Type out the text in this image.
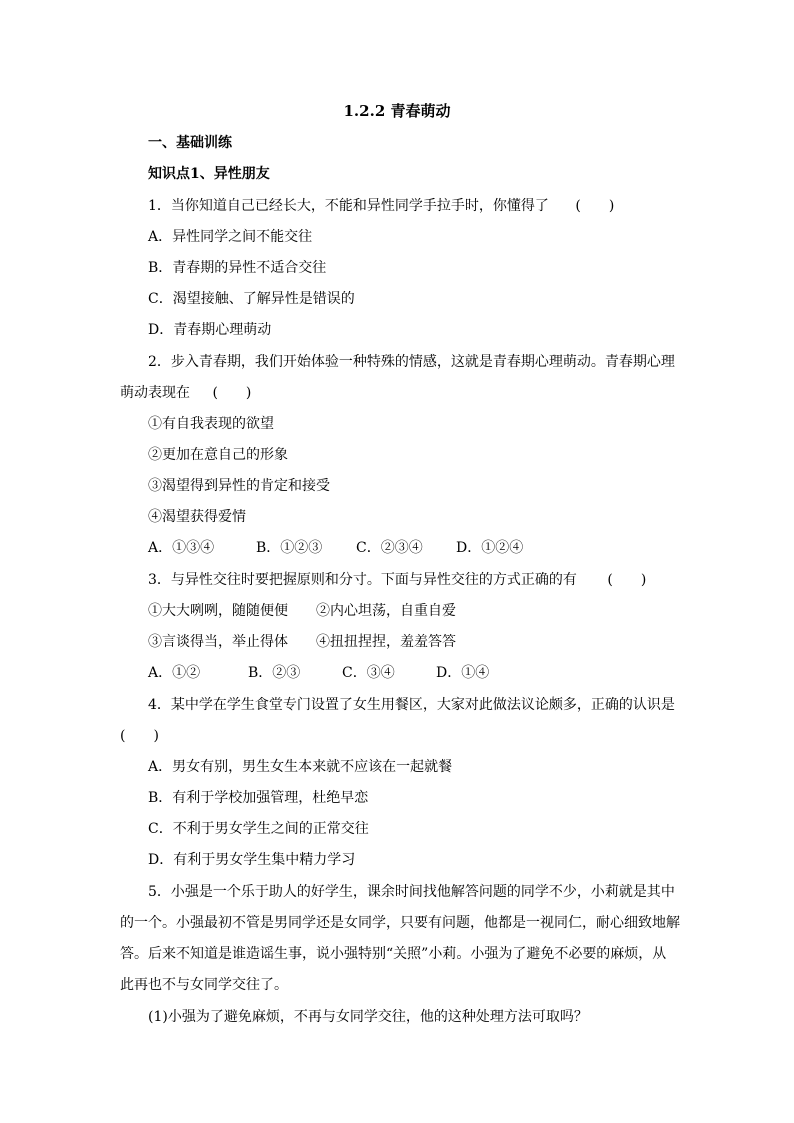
1.2.2 青春萌动
一、基础训练
知识点1、异性朋友
1．当你知道自己已经长大，不能和异性同学手拉手时，你懂得了 (　　)
A．异性同学之间不能交往
B．青春期的异性不适合交往
C．渴望接触、了解异性是错误的
D．青春期心理萌动
2．步入青春期，我们开始体验一种特殊的情感，这就是青春期心理萌动。青春期心理
萌动表现在 (　　)
①有自我表现的欲望
②更加在意自己的形象
③渴望得到异性的肯定和接受
④渴望获得爱情
A．①③④	B．①②③ C．②③④ D．①②④
3．与异性交往时要把握原则和分寸。下面与异性交往的方式正确的有 (　　)
①大大咧咧，随随便便 ②内心坦荡，自重自爱
③言谈得当，举止得体 ④扭扭捏捏，羞羞答答
A．①②	B．②③	C．③④	D．①④
4．某中学在学生食堂专门设置了女生用餐区，大家对此做法议论颇多，正确的认识是
(　　)
A．男女有别，男生女生本来就不应该在一起就餐
B．有利于学校加强管理，杜绝早恋
C．不利于男女学生之间的正常交往
D．有利于男女学生集中精力学习
5．小强是一个乐于助人的好学生，课余时间找他解答问题的同学不少，小莉就是其中
的一个。小强最初不管是男同学还是女同学，只要有问题，他都是一视同仁，耐心细致地解
答。后来不知道是谁造谣生事，说小强特别“关照”小莉。小强为了避免不必要的麻烦，从
此再也不与女同学交往了。
(1)小强为了避免麻烦，不再与女同学交往，他的这种处理方法可取吗？
